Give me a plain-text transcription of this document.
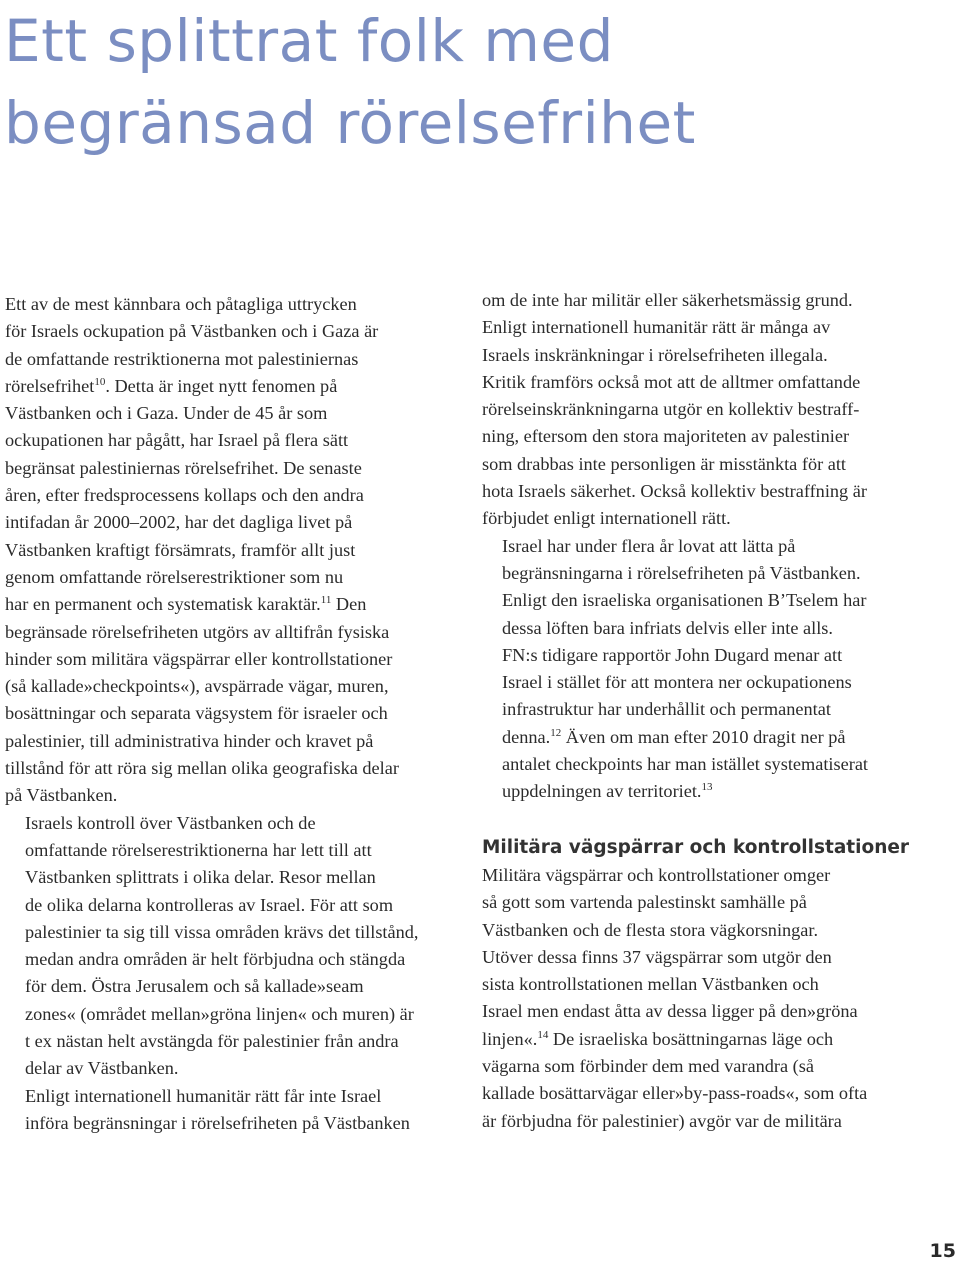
Ett splittrat folk med
begränsad rörelsefrihet

Ett av de mest kännbara och påtagliga uttrycken
för Israels ockupation på Västbanken och i Gaza är
de omfattande restriktionerna mot palestiniernas
rörelsefrihet$^{10}$. Detta är inget nytt fenomen på
Västbanken och i Gaza. Under de 45 år som
ockupationen har pågått, har Israel på flera sätt
begränsat palestiniernas rörelsefrihet. De senaste
åren, efter fredsprocessens kollaps och den andra
intifadan år 2000–2002, har det dagliga livet på
Västbanken kraftigt försämrats, framför allt just
genom omfattande rörelserestriktioner som nu
har en permanent och systematisk karaktär.$^{11}$ Den
begränsade rörelsefriheten utgörs av alltifrån fysiska
hinder som militära vägspärrar eller kontrollstationer
(så kallade»checkpoints«), avspärrade vägar, muren,
bosättningar och separata vägsystem för israeler och
palestinier, till administrativa hinder och kravet på
tillstånd för att röra sig mellan olika geografiska delar
på Västbanken.

Israels kontroll över Västbanken och de
omfattande rörelserestriktionerna har lett till att
Västbanken splittrats i olika delar. Resor mellan
de olika delarna kontrolleras av Israel. För att som
palestinier ta sig till vissa områden krävs det tillstånd,
medan andra områden är helt förbjudna och stängda
för dem. Östra Jerusalem och så kallade»seam
zones« (området mellan»gröna linjen« och muren) är
t ex nästan helt avstängda för palestinier från andra
delar av Västbanken.

Enligt internationell humanitär rätt får inte Israel
införa begränsningar i rörelsefriheten på Västbanken

om de inte har militär eller säkerhetsmässig grund.
Enligt internationell humanitär rätt är många av
Israels inskränkningar i rörelsefriheten illegala.
Kritik framförs också mot att de alltmer omfattande
rörelseinskränkningarna utgör en kollektiv bestraff-
ning, eftersom den stora majoriteten av palestinier
som drabbas inte personligen är misstänkta för att
hota Israels säkerhet. Också kollektiv bestraffning är
förbjudet enligt internationell rätt.

Israel har under flera år lovat att lätta på
begränsningarna i rörelsefriheten på Västbanken.
Enligt den israeliska organisationen B’Tselem har
dessa löften bara infriats delvis eller inte alls.
FN:s tidigare rapportör John Dugard menar att
Israel i stället för att montera ner ockupationens
infrastruktur har underhållit och permanentat
denna.$^{12}$ Även om man efter 2010 dragit ner på
antalet checkpoints har man istället systematiserat
uppdelningen av territoriet.$^{13}$

Militära vägspärrar och kontrollstationer

Militära vägspärrar och kontrollstationer omger
så gott som vartenda palestinskt samhälle på
Västbanken och de flesta stora vägkorsningar.
Utöver dessa finns 37 vägspärrar som utgör den
sista kontrollstationen mellan Västbanken och
Israel men endast åtta av dessa ligger på den»gröna
linjen«.$^{14}$ De israeliska bosättningarnas läge och
vägarna som förbinder dem med varandra (så
kallade bosättarvägar eller»by-pass-roads«, som ofta
är förbjudna för palestinier) avgör var de militära

15
